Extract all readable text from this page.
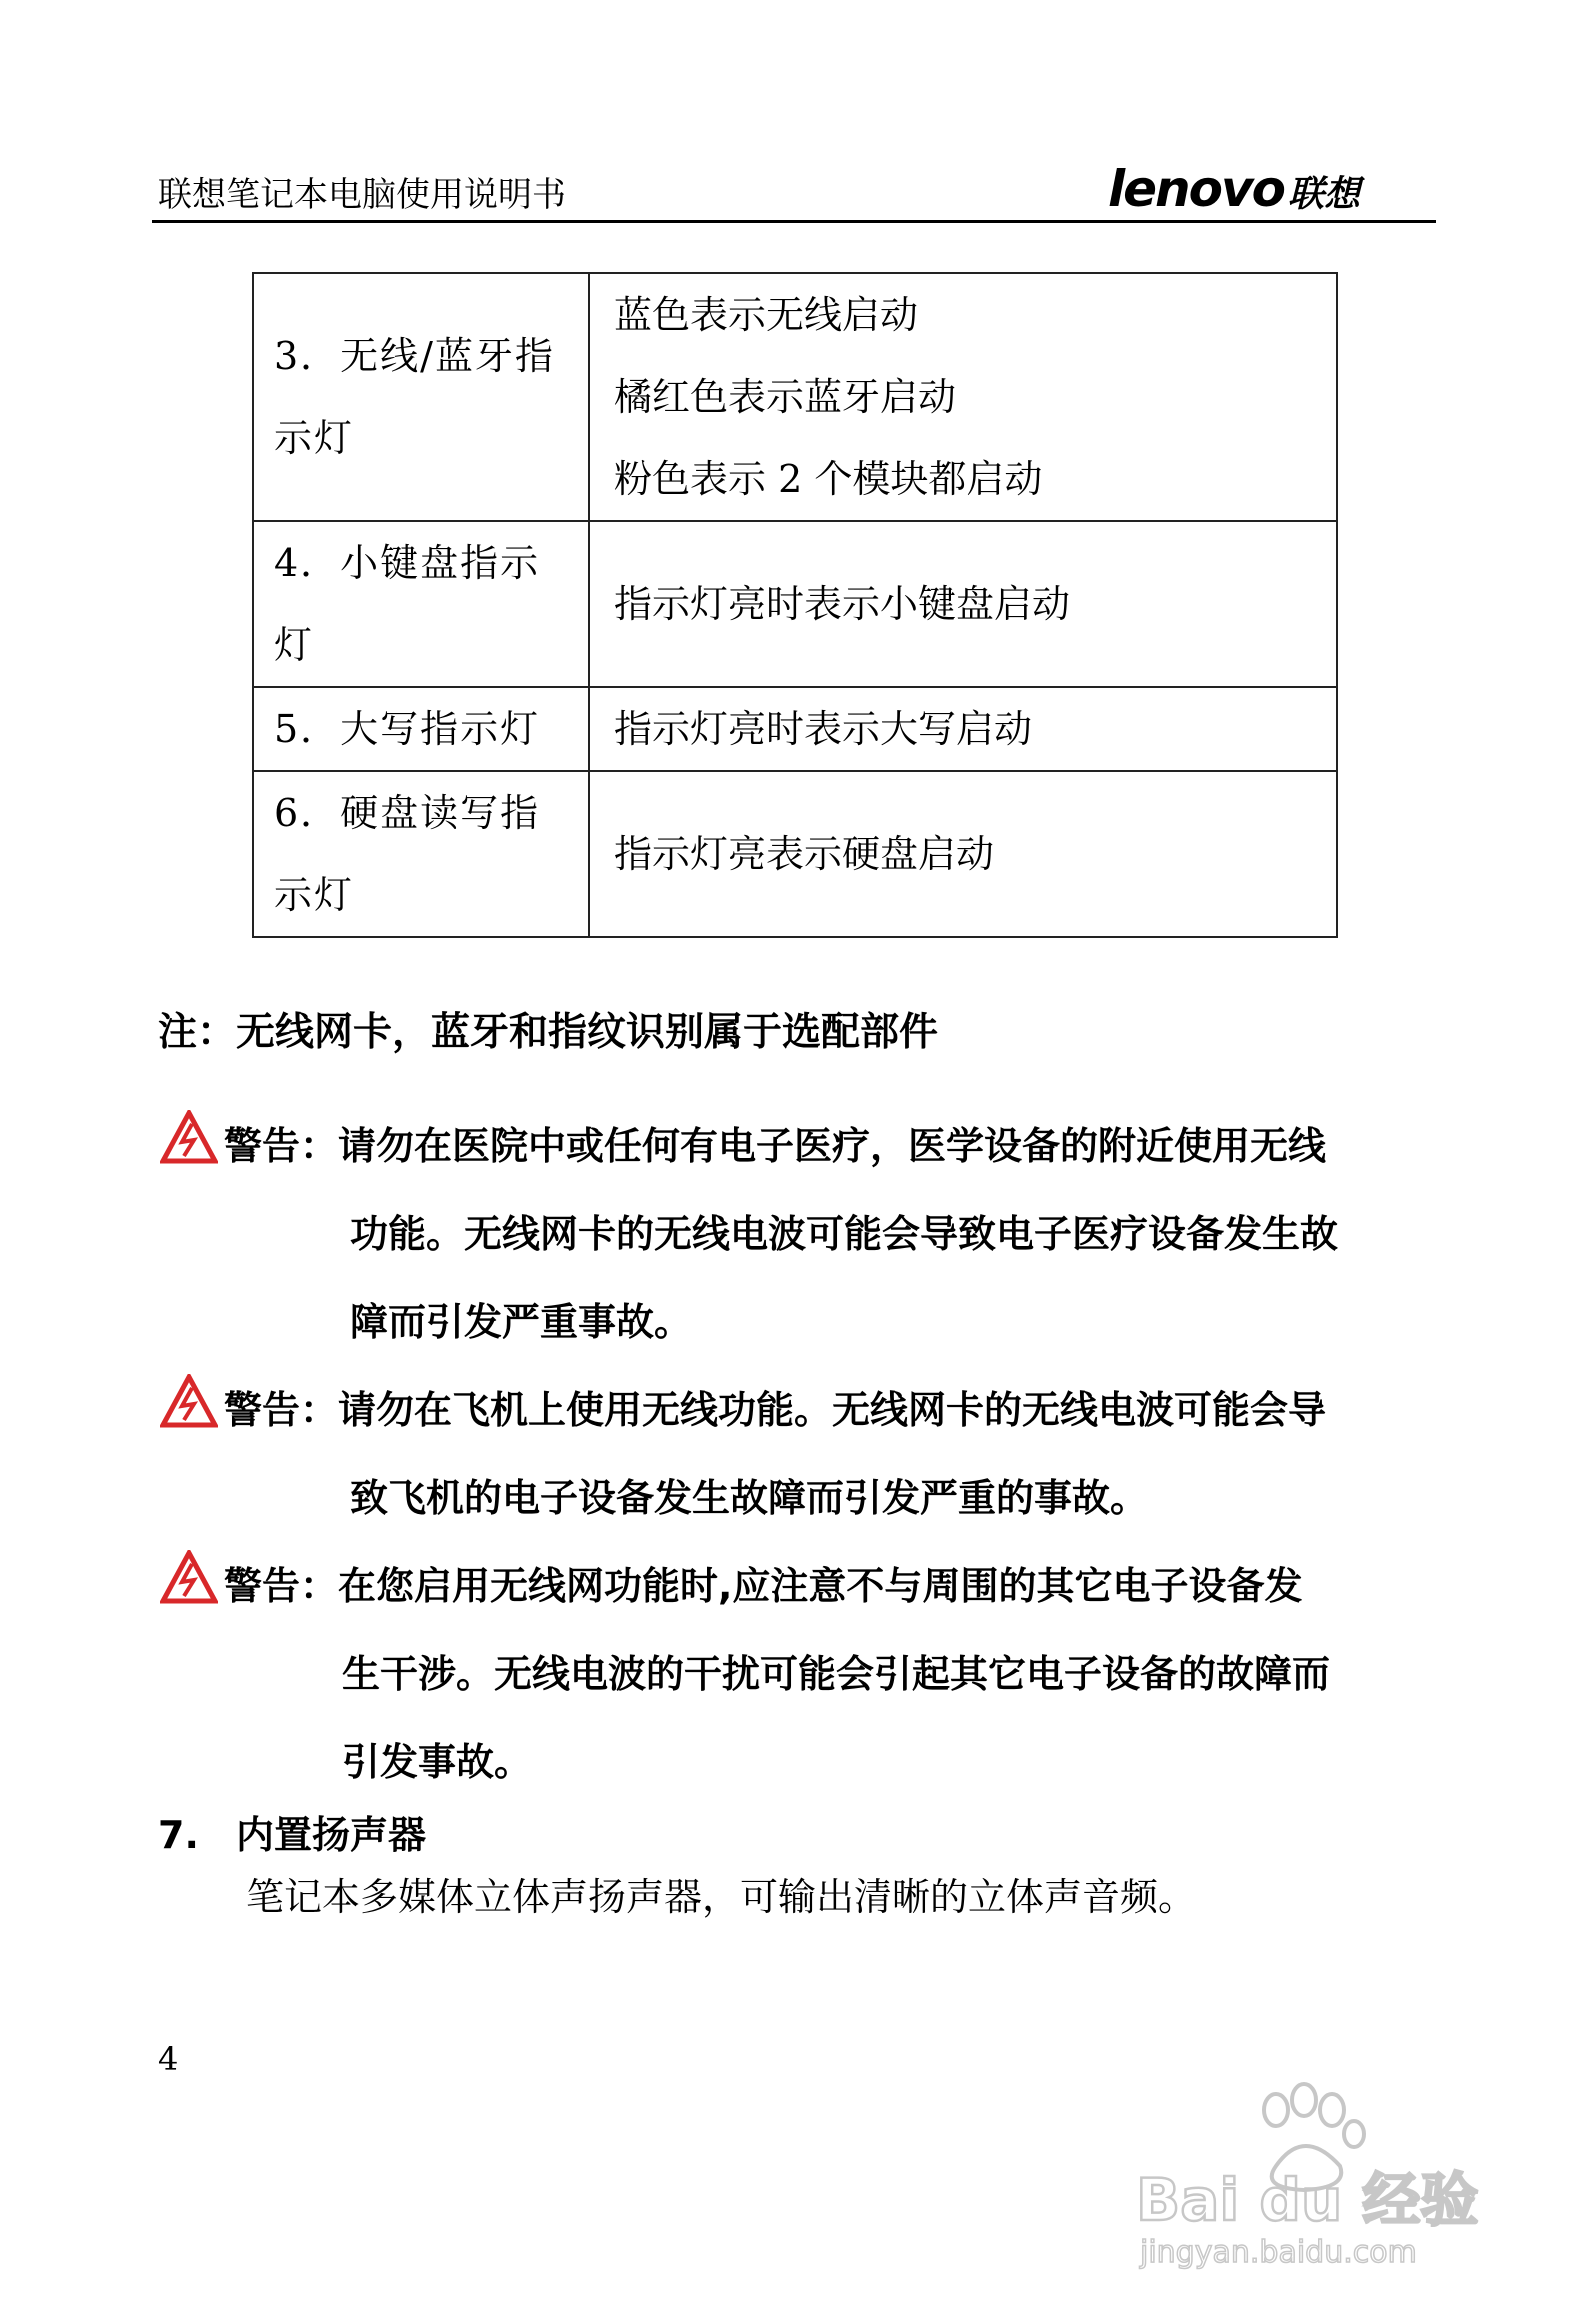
联想笔记本电脑使用说明书	lenovo 联想
3．无线/蓝牙指
示灯	蓝色表示无线启动
橘红色表示蓝牙启动
粉色表示 2 个模块都启动

4．小键盘指示
灯	指示灯亮时表示小键盘启动

5．大写指示灯	指示灯亮时表示大写启动

6．硬盘读写指
示灯	指示灯亮表示硬盘启动
注：无线网卡，蓝牙和指纹识别属于选配部件
警告：请勿在医院中或任何有电子医疗，医学设备的附近使用无线
功能。无线网卡的无线电波可能会导致电子医疗设备发生故
障而引发严重事故。
警告：请勿在飞机上使用无线功能。无线网卡的无线电波可能会导
致飞机的电子设备发生故障而引发严重的事故。
警告：在您启用无线网功能时,应注意不与周围的其它电子设备发
生干涉。无线电波的干扰可能会引起其它电子设备的故障而
引发事故。
7. 内置扬声器
笔记本多媒体立体声扬声器，可输出清晰的立体声音频。
4
Bai du 经验
jingyan.baidu.com
